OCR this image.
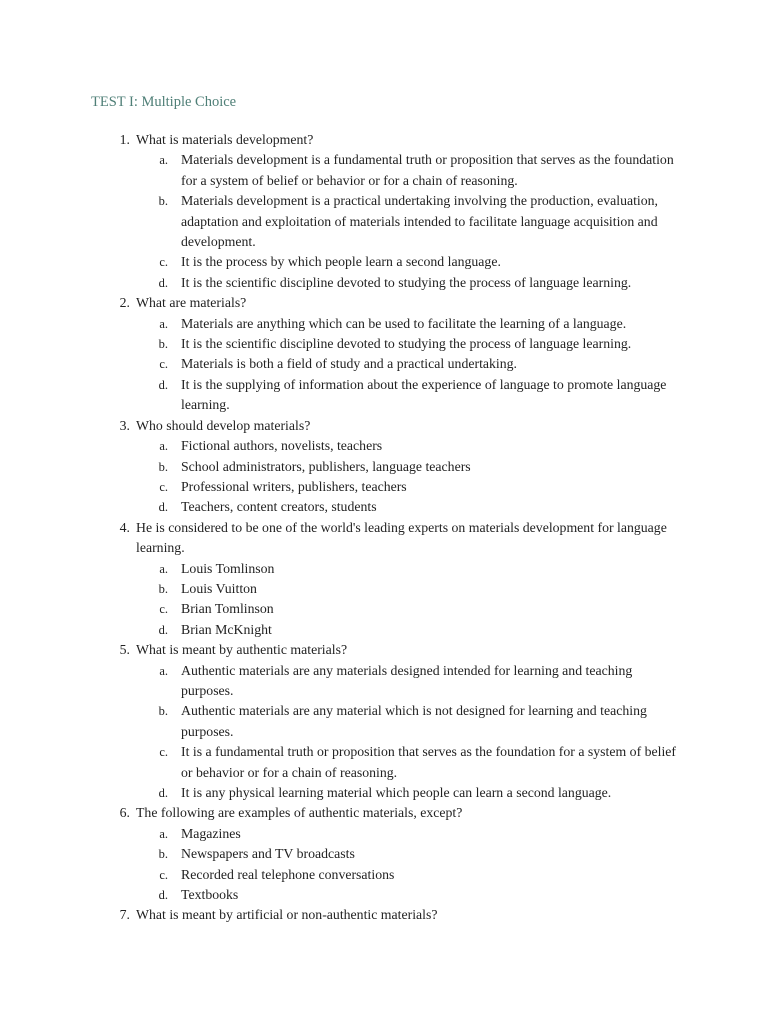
TEST I: Multiple Choice
1. What is materials development?
a. Materials development is a fundamental truth or proposition that serves as the foundation for a system of belief or behavior or for a chain of reasoning.
b. Materials development is a practical undertaking involving the production, evaluation, adaptation and exploitation of materials intended to facilitate language acquisition and development.
c. It is the process by which people learn a second language.
d. It is the scientific discipline devoted to studying the process of language learning.
2. What are materials?
a. Materials are anything which can be used to facilitate the learning of a language.
b. It is the scientific discipline devoted to studying the process of language learning.
c. Materials is both a field of study and a practical undertaking.
d. It is the supplying of information about the experience of language to promote language learning.
3. Who should develop materials?
a. Fictional authors, novelists, teachers
b. School administrators, publishers, language teachers
c. Professional writers, publishers, teachers
d. Teachers, content creators, students
4. He is considered to be one of the world's leading experts on materials development for language learning.
a. Louis Tomlinson
b. Louis Vuitton
c. Brian Tomlinson
d. Brian McKnight
5. What is meant by authentic materials?
a. Authentic materials are any materials designed intended for learning and teaching purposes.
b. Authentic materials are any material which is not designed for learning and teaching purposes.
c. It is a fundamental truth or proposition that serves as the foundation for a system of belief or behavior or for a chain of reasoning.
d. It is any physical learning material which people can learn a second language.
6. The following are examples of authentic materials, except?
a. Magazines
b. Newspapers and TV broadcasts
c. Recorded real telephone conversations
d. Textbooks
7. What is meant by artificial or non-authentic materials?
